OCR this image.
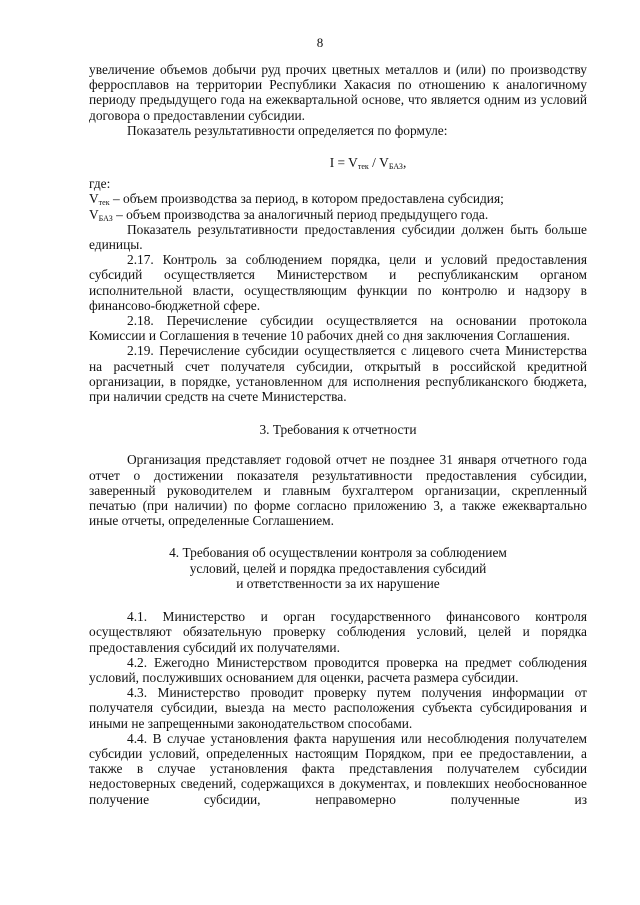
8

увеличение объемов добычи руд прочих цветных металлов и (или) по производству ферросплавов на территории Республики Хакасия по отношению к аналогичному периоду предыдущего года на ежеквартальной основе, что является одним из условий договора о предоставлении субсидии.

Показатель результативности определяется по формуле:

$I = V_{тек} / V_{БАЗ}$,

где:

$V_{тек}$ – объем производства за период, в котором предоставлена субсидия;

$V_{БАЗ}$ – объем производства за аналогичный период предыдущего года.

Показатель результативности предоставления субсидии должен быть больше единицы.

2.17. Контроль за соблюдением порядка, цели и условий предоставления субсидий осуществляется Министерством и республиканским органом исполнительной власти, осуществляющим функции по контролю и надзору в финансово-бюджетной сфере.

2.18. Перечисление субсидии осуществляется на основании протокола Комиссии и Соглашения в течение 10 рабочих дней со дня заключения Соглашения.

2.19. Перечисление субсидии осуществляется с лицевого счета Министерства на расчетный счет получателя субсидии, открытый в российской кредитной организации, в порядке, установленном для исполнения республиканского бюджета, при наличии средств на счете Министерства.

3. Требования к отчетности

Организация представляет годовой отчет не позднее 31 января отчетного года отчет о достижении показателя результативности предоставления субсидии, заверенный руководителем и главным бухгалтером организации, скрепленный печатью (при наличии) по форме согласно приложению 3, а также ежеквартально иные отчеты, определенные Соглашением.

4. Требования об осуществлении контроля за соблюдением

условий, целей и порядка предоставления субсидий

и ответственности за их нарушение

4.1. Министерство и орган государственного финансового контроля осуществляют обязательную проверку соблюдения условий, целей и порядка предоставления субсидий их получателями.

4.2. Ежегодно Министерством проводится проверка на предмет соблюдения условий, послуживших основанием для оценки, расчета размера субсидии.

4.3. Министерство проводит проверку путем получения информации от получателя субсидии, выезда на место расположения субъекта субсидирования и иными не запрещенными законодательством способами.

4.4. В случае установления факта нарушения или несоблюдения получателем субсидии условий, определенных настоящим Порядком, при ее предоставлении, а также в случае установления факта представления получателем субсидии недостоверных сведений, содержащихся в документах, и повлекших необоснованное получение субсидии, неправомерно полученные из
